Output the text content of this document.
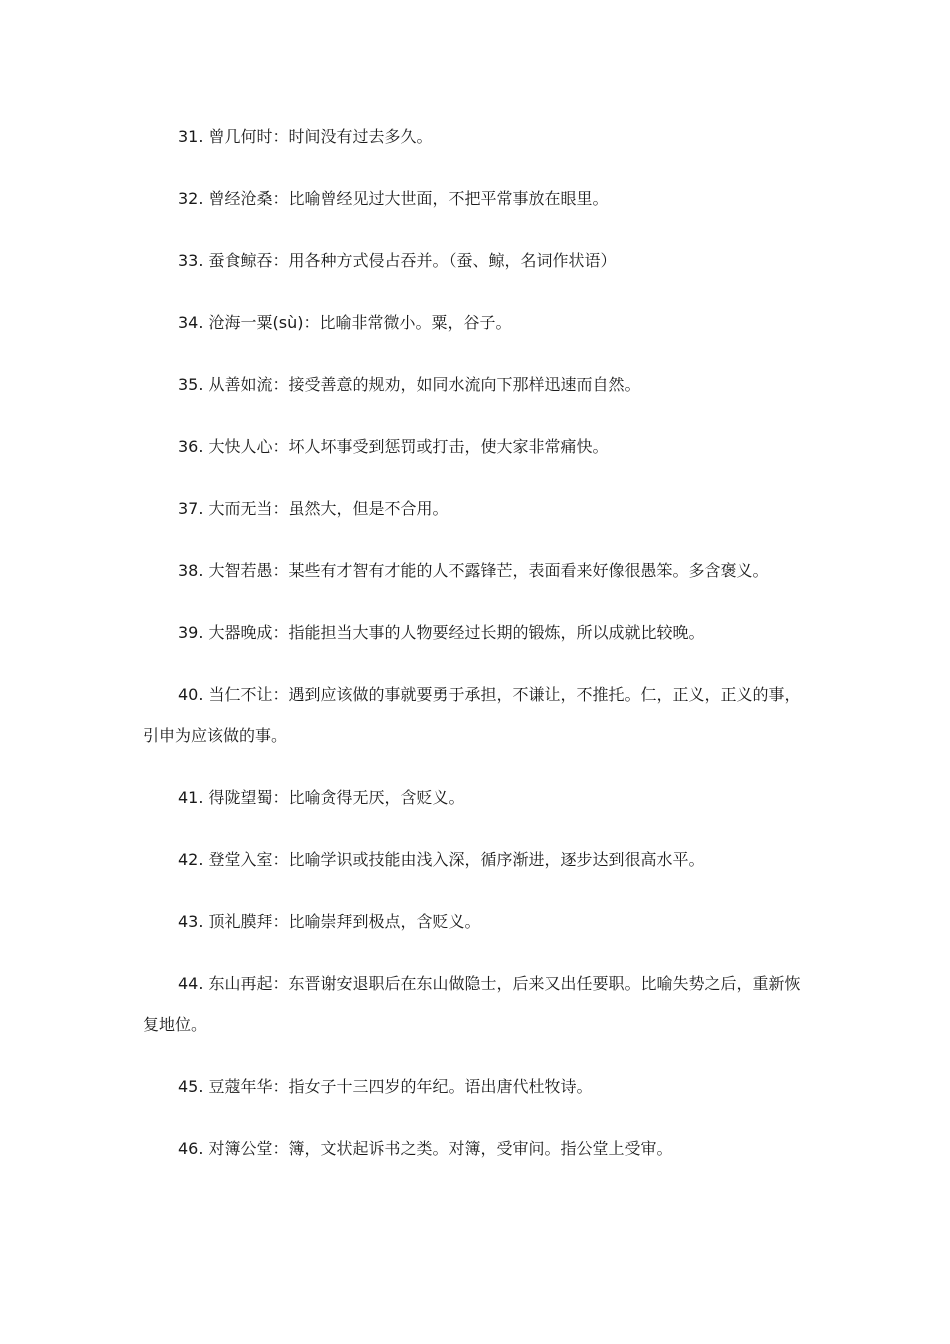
31. 曾几何时：时间没有过去多久。

32. 曾经沧桑：比喻曾经见过大世面，不把平常事放在眼里。

33. 蚕食鲸吞：用各种方式侵占吞并。（蚕、鲸，名词作状语）

34. 沧海一粟(sù)：比喻非常微小。粟，谷子。

35. 从善如流：接受善意的规劝，如同水流向下那样迅速而自然。

36. 大快人心：坏人坏事受到惩罚或打击，使大家非常痛快。

37. 大而无当：虽然大，但是不合用。

38. 大智若愚：某些有才智有才能的人不露锋芒，表面看来好像很愚笨。多含褒义。

39. 大器晚成：指能担当大事的人物要经过长期的锻炼，所以成就比较晚。

40. 当仁不让：遇到应该做的事就要勇于承担，不谦让，不推托。仁，正义，正义的事，引申为应该做的事。

41. 得陇望蜀：比喻贪得无厌，含贬义。

42. 登堂入室：比喻学识或技能由浅入深，循序渐进，逐步达到很高水平。

43. 顶礼膜拜：比喻崇拜到极点，含贬义。

44. 东山再起：东晋谢安退职后在东山做隐士，后来又出任要职。比喻失势之后，重新恢复地位。

45. 豆蔻年华：指女子十三四岁的年纪。语出唐代杜牧诗。

46. 对簿公堂：簿，文状起诉书之类。对簿，受审问。指公堂上受审。
